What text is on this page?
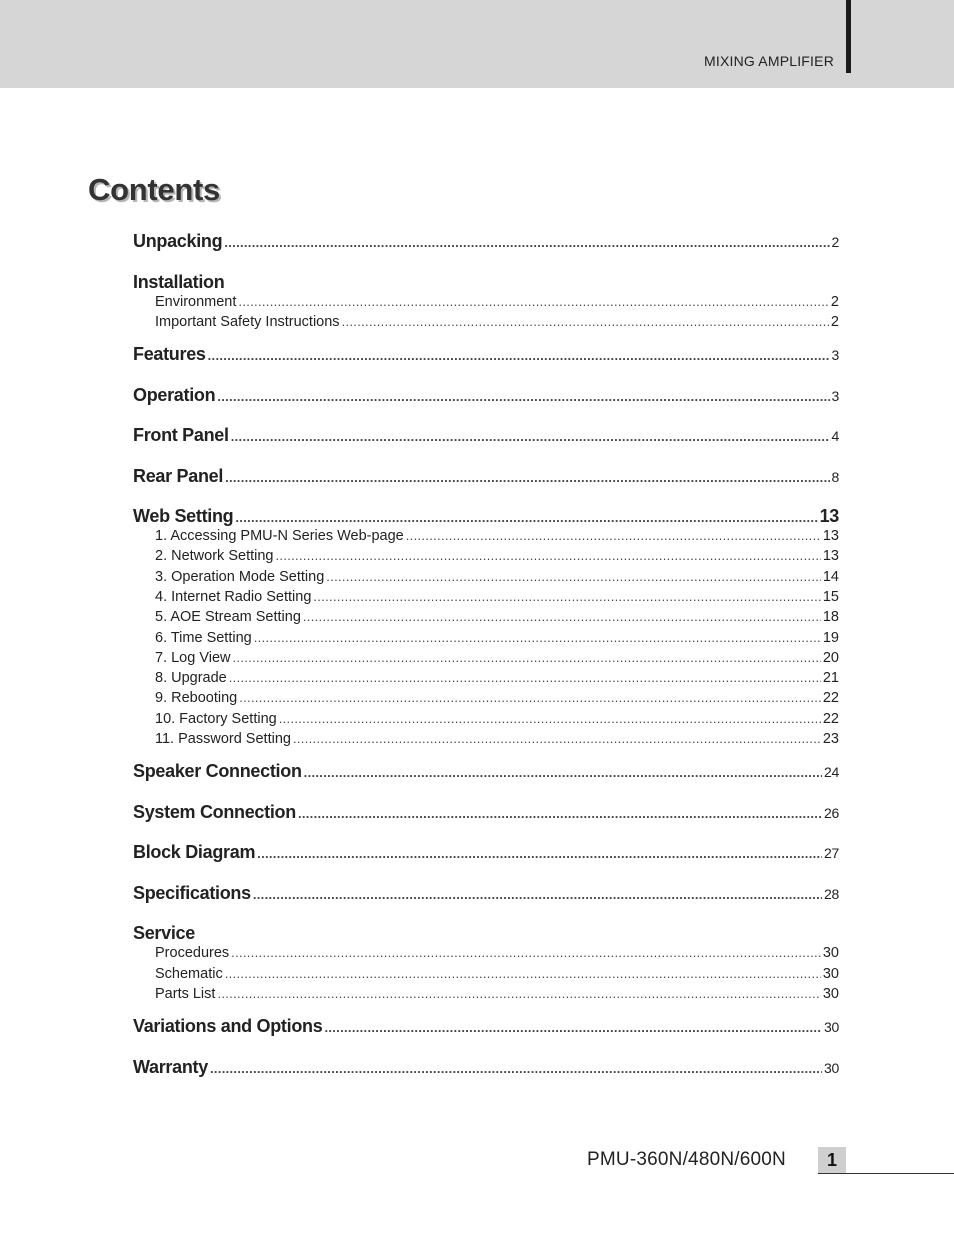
MIXING AMPLIFIER
Contents
Unpacking .....	2
Installation
Environment .....	2
Important Safety Instructions .....	2
Features .....	3
Operation .....	3
Front Panel .....	4
Rear Panel .....	8
Web Setting .....	13
1. Accessing PMU-N Series Web-page .....	13
2. Network Setting .....	13
3. Operation Mode Setting .....	14
4. Internet Radio Setting .....	15
5. AOE Stream Setting .....	18
6. Time Setting .....	19
7. Log View .....	20
8. Upgrade .....	21
9. Rebooting .....	22
10. Factory Setting .....	22
11. Password Setting .....	23
Speaker Connection .....	24
System Connection .....	26
Block Diagram .....	27
Specifications .....	28
Service
Procedures .....	30
Schematic .....	30
Parts List .....	30
Variations and Options .....	30
Warranty .....	30
PMU-360N/480N/600N	1
